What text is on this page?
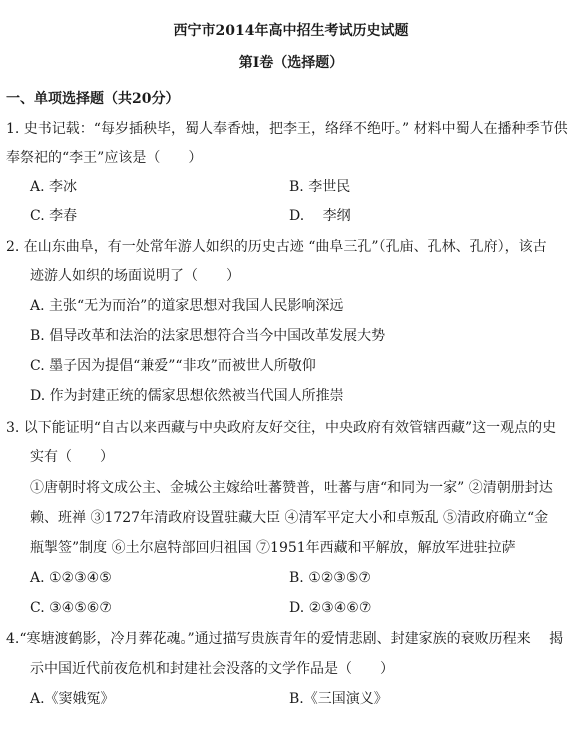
西宁市2014年高中招生考试历史试题
第Ⅰ卷（选择题）
一、单项选择题（共20分）
1. 史书记载：“每岁插秧毕，蜀人奉香烛，把李王，络绎不绝吁。” 材料中蜀人在播种季节供
奉祭祀的“李王”应该是（　　）
A. 李冰	B. 李世民
C. 李春	D.　 李纲
2. 在山东曲阜，有一处常年游人如织的历史古迹 “曲阜三孔”（孔庙、孔林、孔府），该古
迹游人如织的场面说明了（　　）
A. 主张“无为而治”的道家思想对我国人民影响深远
B. 倡导改革和法治的法家思想符合当今中国改革发展大势
C. 墨子因为提倡“兼爱”“非攻”而被世人所敬仰
D. 作为封建正统的儒家思想依然被当代国人所推崇
3. 以下能证明“自古以来西藏与中央政府友好交往，中央政府有效管辖西藏”这一观点的史
实有（　　）
①唐朝时将文成公主、金城公主嫁给吐蕃赞普，吐蕃与唐“和同为一家” ②清朝册封达
赖、班禅 ③1727年清政府设置驻藏大臣 ④清军平定大小和卓叛乱 ⑤清政府确立“金
瓶掣签”制度 ⑥土尔扈特部回归祖国 ⑦1951年西藏和平解放，解放军进驻拉萨
A. ①②③④⑤	B. ①②③⑤⑦
C. ③④⑤⑥⑦	D. ②③④⑥⑦
4.“寒塘渡鹤影，冷月葬花魂。”通过描写贵族青年的爱情悲剧、封建家族的衰败历程来　 揭
示中国近代前夜危机和封建社会没落的文学作品是（　　）
A.《窦娥冤》	B.《三国演义》
